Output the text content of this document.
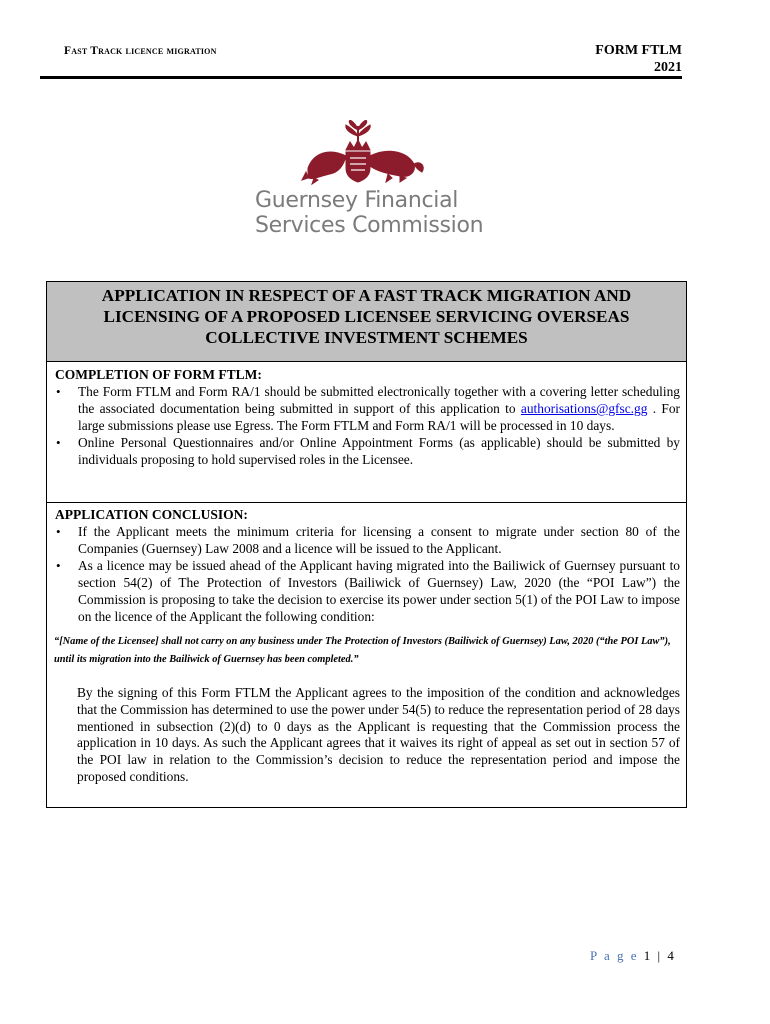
Fast Track licence migration	FORM FTLM
2021
Guernsey Financial
Services Commission
APPLICATION IN RESPECT OF A FAST TRACK MIGRATION AND
LICENSING OF A PROPOSED LICENSEE SERVICING OVERSEAS
COLLECTIVE INVESTMENT SCHEMES
COMPLETION OF FORM FTLM:
• The Form FTLM and Form RA/1 should be submitted electronically together with a covering letter scheduling the associated documentation being submitted in support of this application to authorisations@gfsc.gg . For large submissions please use Egress. The Form FTLM and Form RA/1 will be processed in 10 days.
• Online Personal Questionnaires and/or Online Appointment Forms (as applicable) should be submitted by individuals proposing to hold supervised roles in the Licensee.
APPLICATION CONCLUSION:
• If the Applicant meets the minimum criteria for licensing a consent to migrate under section 80 of the Companies (Guernsey) Law 2008 and a licence will be issued to the Applicant.
• As a licence may be issued ahead of the Applicant having migrated into the Bailiwick of Guernsey pursuant to section 54(2) of The Protection of Investors (Bailiwick of Guernsey) Law, 2020 (the “POI Law”) the Commission is proposing to take the decision to exercise its power under section 5(1) of the POI Law to impose on the licence of the Applicant the following condition:
“[Name of the Licensee] shall not carry on any business under The Protection of Investors (Bailiwick of Guernsey) Law, 2020 (“the POI Law”), until its migration into the Bailiwick of Guernsey has been completed.”
By the signing of this Form FTLM the Applicant agrees to the imposition of the condition and acknowledges that the Commission has determined to use the power under 54(5) to reduce the representation period of 28 days mentioned in subsection (2)(d) to 0 days as the Applicant is requesting that the Commission process the application in 10 days. As such the Applicant agrees that it waives its right of appeal as set out in section 57 of the POI law in relation to the Commission’s decision to reduce the representation period and impose the proposed conditions.
P a g e 1 | 4
